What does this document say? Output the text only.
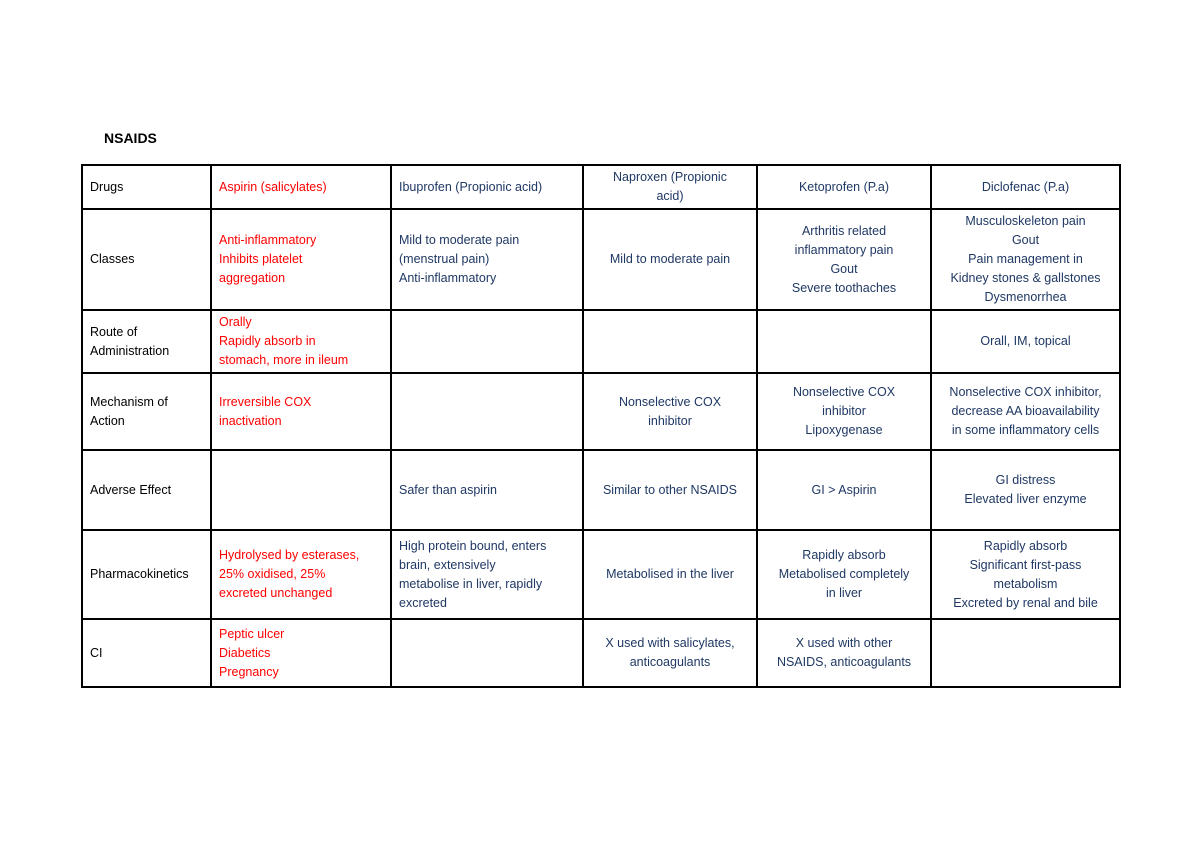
NSAIDS
Drugs	Aspirin (salicylates)	Ibuprofen (Propionic acid)	Naproxen (Propionic
acid)	Ketoprofen (P.a)	Diclofenac (P.a)

Classes	Anti-inflammatory
Inhibits platelet
aggregation	Mild to moderate pain
(menstrual pain)
Anti-inflammatory	Mild to moderate pain	Arthritis related
inflammatory pain
Gout
Severe toothaches	Musculoskeleton pain
Gout
Pain management in
Kidney stones & gallstones
Dysmenorrhea

Route of
Administration	Orally
Rapidly absorb in
stomach, more in ileum				Orall, IM, topical

Mechanism of
Action	Irreversible COX
inactivation		Nonselective COX
inhibitor	Nonselective COX
inhibitor
Lipoxygenase	Nonselective COX inhibitor,
decrease AA bioavailability
in some inflammatory cells

Adverse Effect		Safer than aspirin	Similar to other NSAIDS	GI > Aspirin	GI distress
Elevated liver enzyme

Pharmacokinetics	Hydrolysed by esterases,
25% oxidised, 25%
excreted unchanged	High protein bound, enters
brain, extensively
metabolise in liver, rapidly
excreted	Metabolised in the liver	Rapidly absorb
Metabolised completely
in liver	Rapidly absorb
Significant first-pass
metabolism
Excreted by renal and bile

CI	Peptic ulcer
Diabetics
Pregnancy		X used with salicylates,
anticoagulants	X used with other
NSAIDS, anticoagulants	
